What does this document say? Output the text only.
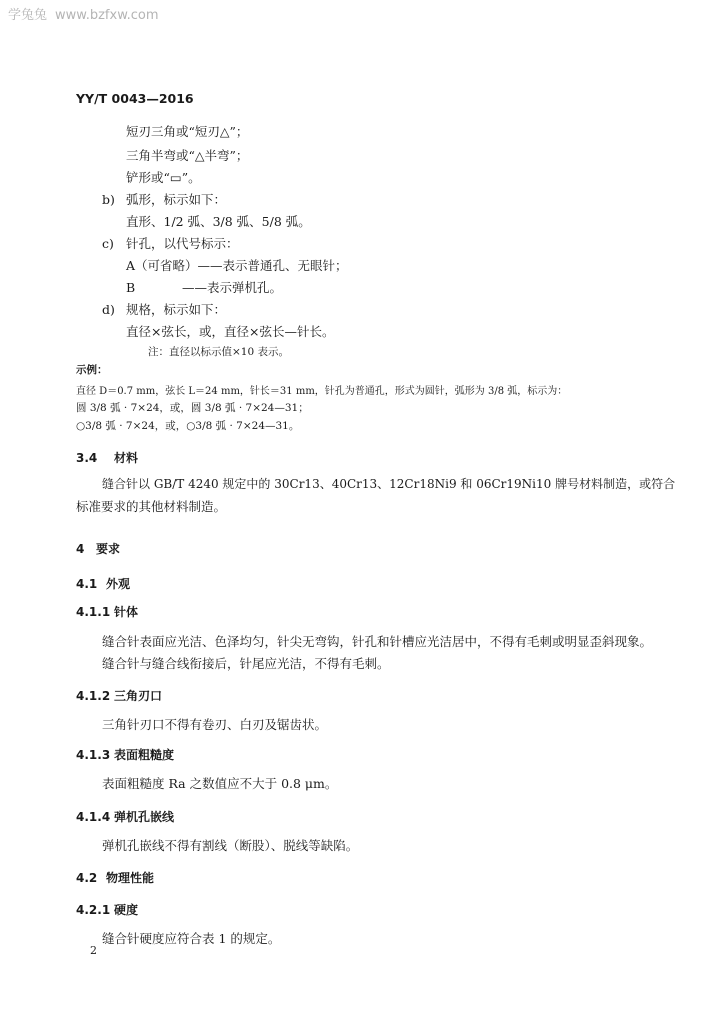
学兔兔 www.bzfxw.com
YY/T 0043—2016
短刃三角或“短刃△”；
三角半弯或“△半弯”；
铲形或“▭”。
b) 弧形，标示如下：
直形、1/2 弧、3/8 弧、5/8 弧。
c) 针孔，以代号标示：
A（可省略）——表示普通孔、无眼针；
B	——表示弹机孔。
d) 规格，标示如下：
直径×弦长，或，直径×弦长—针长。
注：直径以标示值×10 表示。
示例：
直径 D＝0.7 mm，弦长 L＝24 mm，针长＝31 mm，针孔为普通孔，形式为圆针，弧形为 3/8 弧，标示为：
圆 3/8 弧 · 7×24，或，圆 3/8 弧 · 7×24—31；
○3/8 弧 · 7×24，或，○3/8 弧 · 7×24—31。
3.4 材料
缝合针以 GB/T 4240 规定中的 30Cr13、40Cr13、12Cr18Ni9 和 06Cr19Ni10 牌号材料制造，或符合
标准要求的其他材料制造。
4 要求
4.1 外观
4.1.1 针体
缝合针表面应光洁、色泽均匀，针尖无弯钩，针孔和针槽应光洁居中，不得有毛刺或明显歪斜现象。
缝合针与缝合线衔接后，针尾应光洁，不得有毛刺。
4.1.2 三角刃口
三角针刃口不得有卷刃、白刃及锯齿状。
4.1.3 表面粗糙度
表面粗糙度 Ra 之数值应不大于 0.8 μm。
4.1.4 弹机孔嵌线
弹机孔嵌线不得有割线（断股）、脱线等缺陷。
4.2 物理性能
4.2.1 硬度
缝合针硬度应符合表 1 的规定。
2
